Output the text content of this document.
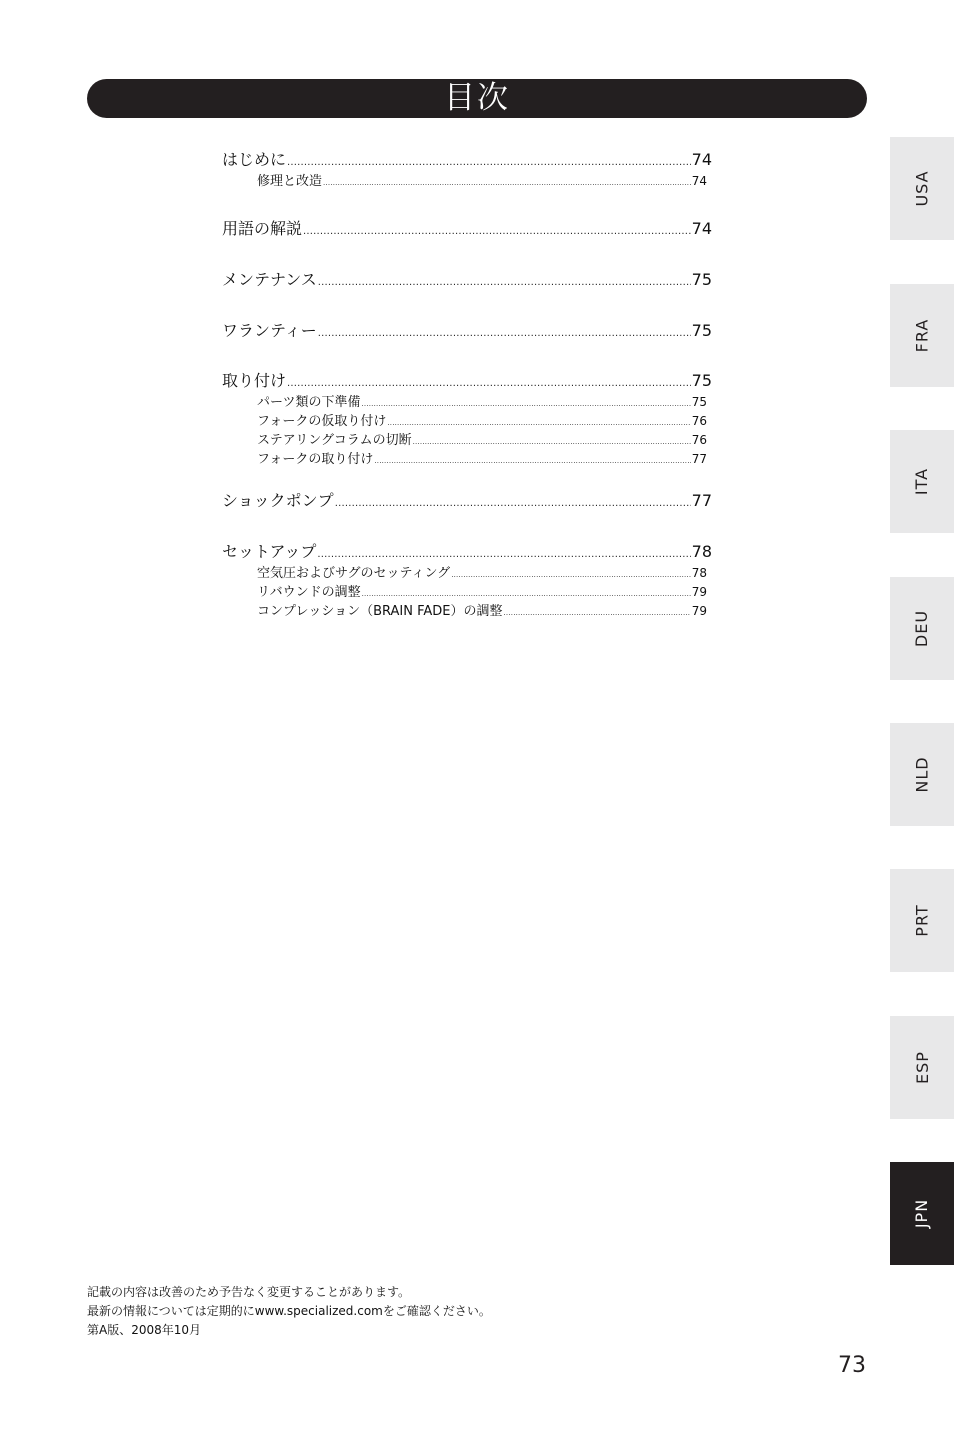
目次
はじめに .....	74
修理と改造 .....	74
用語の解説 .....	74
メンテナンス .....	75
ワランティー .....	75
取り付け .....	75
パーツ類の下準備 .....	75
フォークの仮取り付け .....	76
ステアリングコラムの切断 .....	76
フォークの取り付け .....	77
ショックポンプ .....	77
セットアップ .....	78
空気圧およびサグのセッティング .....	78
リバウンドの調整 .....	79
コンプレッション（BRAIN FADE）の調整 .....	79
USA
FRA
ITA
DEU
NLD
PRT
ESP
JPN
記載の内容は改善のため予告なく変更することがあります。
最新の情報については定期的にwww.specialized.comをご確認ください。
第A版、2008年10月
73
